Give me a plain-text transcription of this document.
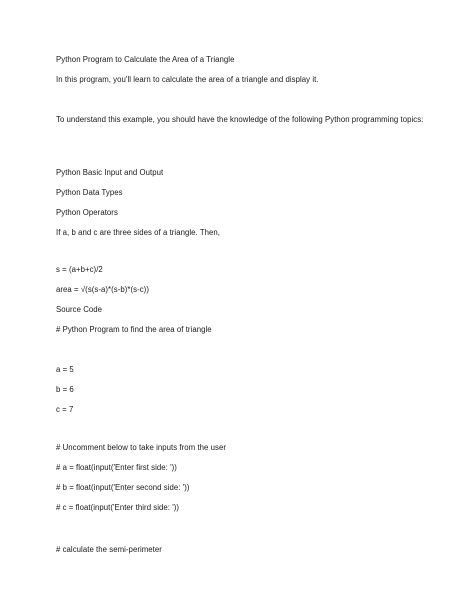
Python Program to Calculate the Area of a Triangle
In this program, you'll learn to calculate the area of a triangle and display it.
To understand this example, you should have the knowledge of the following Python programming topics:
Python Basic Input and Output
Python Data Types
Python Operators
If a, b and c are three sides of a triangle. Then,
s = (a+b+c)/2
area = √(s(s-a)*(s-b)*(s-c))
Source Code
# Python Program to find the area of triangle
a = 5
b = 6
c = 7
# Uncomment below to take inputs from the user
# a = float(input('Enter first side: '))
# b = float(input('Enter second side: '))
# c = float(input('Enter third side: '))
# calculate the semi-perimeter
